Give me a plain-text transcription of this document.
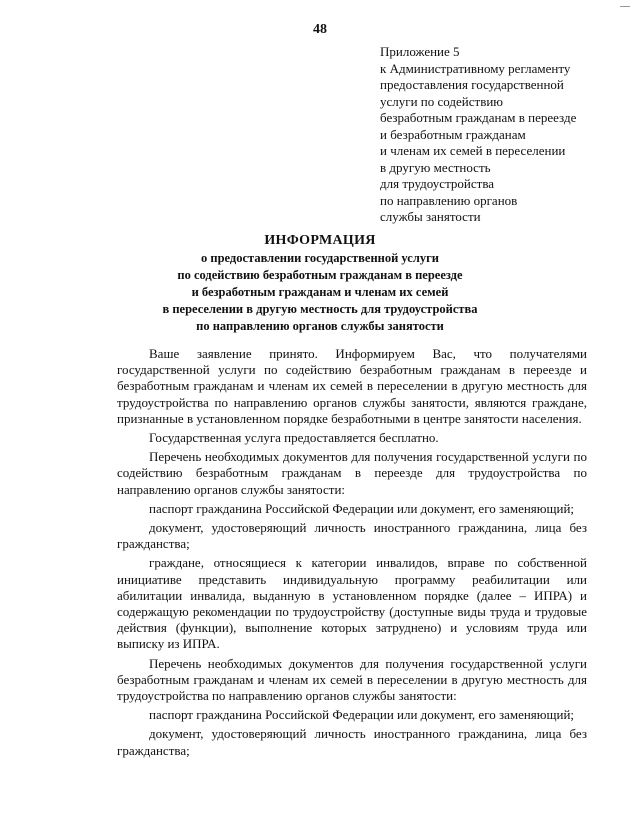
48
Приложение 5
к Административному регламенту
предоставления государственной
услуги по содействию
безработным гражданам в переезде
и безработным гражданам
и членам их семей в переселении
в другую местность
для трудоустройства
по направлению органов
службы занятости
ИНФОРМАЦИЯ
о предоставлении государственной услуги
по содействию безработным гражданам в переезде
и безработным гражданам и членам их семей
в переселении в другую местность для трудоустройства
по направлению органов службы занятости

Ваше заявление принято. Информируем Вас, что получателями государственной услуги по содействию безработным гражданам в переезде и безработным гражданам и членам их семей в переселении в другую местность для трудоустройства по направлению органов службы занятости, являются граждане, признанные в установленном порядке безработными в центре занятости населения.

Государственная услуга предоставляется бесплатно.

Перечень необходимых документов для получения государственной услуги по содействию безработным гражданам в переезде для трудоустройства по направлению органов службы занятости:

паспорт гражданина Российской Федерации или документ, его заменяющий;

документ, удостоверяющий личность иностранного гражданина, лица без гражданства;

граждане, относящиеся к категории инвалидов, вправе по собственной инициативе представить индивидуальную программу реабилитации или абилитации инвалида, выданную в установленном порядке (далее – ИПРА) и содержащую рекомендации по трудоустройству (доступные виды труда и трудовые действия (функции), выполнение которых затруднено) и условиям труда или выписку из ИПРА.

Перечень необходимых документов для получения государственной услуги безработным гражданам и членам их семей в переселении в другую местность для трудоустройства по направлению органов службы занятости:

паспорт гражданина Российской Федерации или документ, его заменяющий;

документ, удостоверяющий личность иностранного гражданина, лица без гражданства;
